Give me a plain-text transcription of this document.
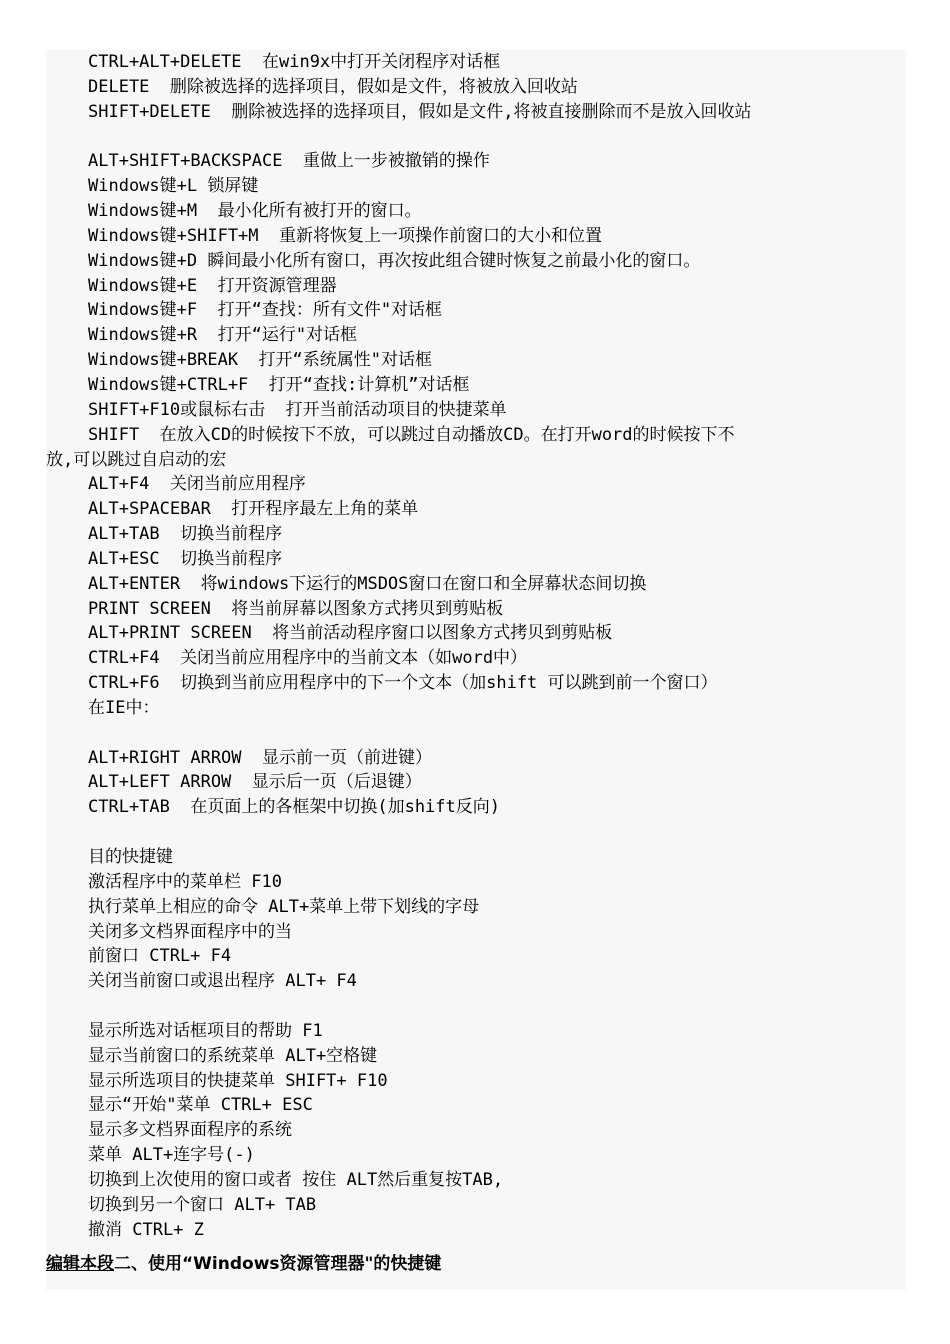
CTRL+ALT+DELETE  在win9x中打开关闭程序对话框
DELETE  删除被选择的选择项目，假如是文件，将被放入回收站
SHIFT+DELETE  删除被选择的选择项目，假如是文件,将被直接删除而不是放入回收站
ALT+SHIFT+BACKSPACE  重做上一步被撤销的操作
Windows键+L 锁屏键
Windows键+M  最小化所有被打开的窗口。
Windows键+SHIFT+M  重新将恢复上一项操作前窗口的大小和位置
Windows键+D 瞬间最小化所有窗口，再次按此组合键时恢复之前最小化的窗口。
Windows键+E  打开资源管理器
Windows键+F  打开“查找：所有文件"对话框
Windows键+R  打开“运行"对话框
Windows键+BREAK  打开“系统属性"对话框
Windows键+CTRL+F  打开“查找:计算机”对话框
SHIFT+F10或鼠标右击  打开当前活动项目的快捷菜单
SHIFT  在放入CD的时候按下不放，可以跳过自动播放CD。在打开word的时候按下不
放,可以跳过自启动的宏
ALT+F4  关闭当前应用程序
ALT+SPACEBAR  打开程序最左上角的菜单
ALT+TAB  切换当前程序
ALT+ESC  切换当前程序
ALT+ENTER  将windows下运行的MSDOS窗口在窗口和全屏幕状态间切换
PRINT SCREEN  将当前屏幕以图象方式拷贝到剪贴板
ALT+PRINT SCREEN  将当前活动程序窗口以图象方式拷贝到剪贴板
CTRL+F4  关闭当前应用程序中的当前文本（如word中）
CTRL+F6  切换到当前应用程序中的下一个文本（加shift 可以跳到前一个窗口）
在IE中：
ALT+RIGHT ARROW  显示前一页（前进键）
ALT+LEFT ARROW  显示后一页（后退键）
CTRL+TAB  在页面上的各框架中切换(加shift反向)
目的快捷键
激活程序中的菜单栏 F10
执行菜单上相应的命令 ALT+菜单上带下划线的字母
关闭多文档界面程序中的当
前窗口 CTRL+ F4
关闭当前窗口或退出程序 ALT+ F4
显示所选对话框项目的帮助 F1
显示当前窗口的系统菜单 ALT+空格键
显示所选项目的快捷菜单 SHIFT+ F10
显示“开始"菜单 CTRL+ ESC
显示多文档界面程序的系统
菜单 ALT+连字号(-)
切换到上次使用的窗口或者 按住 ALT然后重复按TAB,
切换到另一个窗口 ALT+ TAB
撤消 CTRL+ Z
编辑本段二、使用“Windows资源管理器"的快捷键
